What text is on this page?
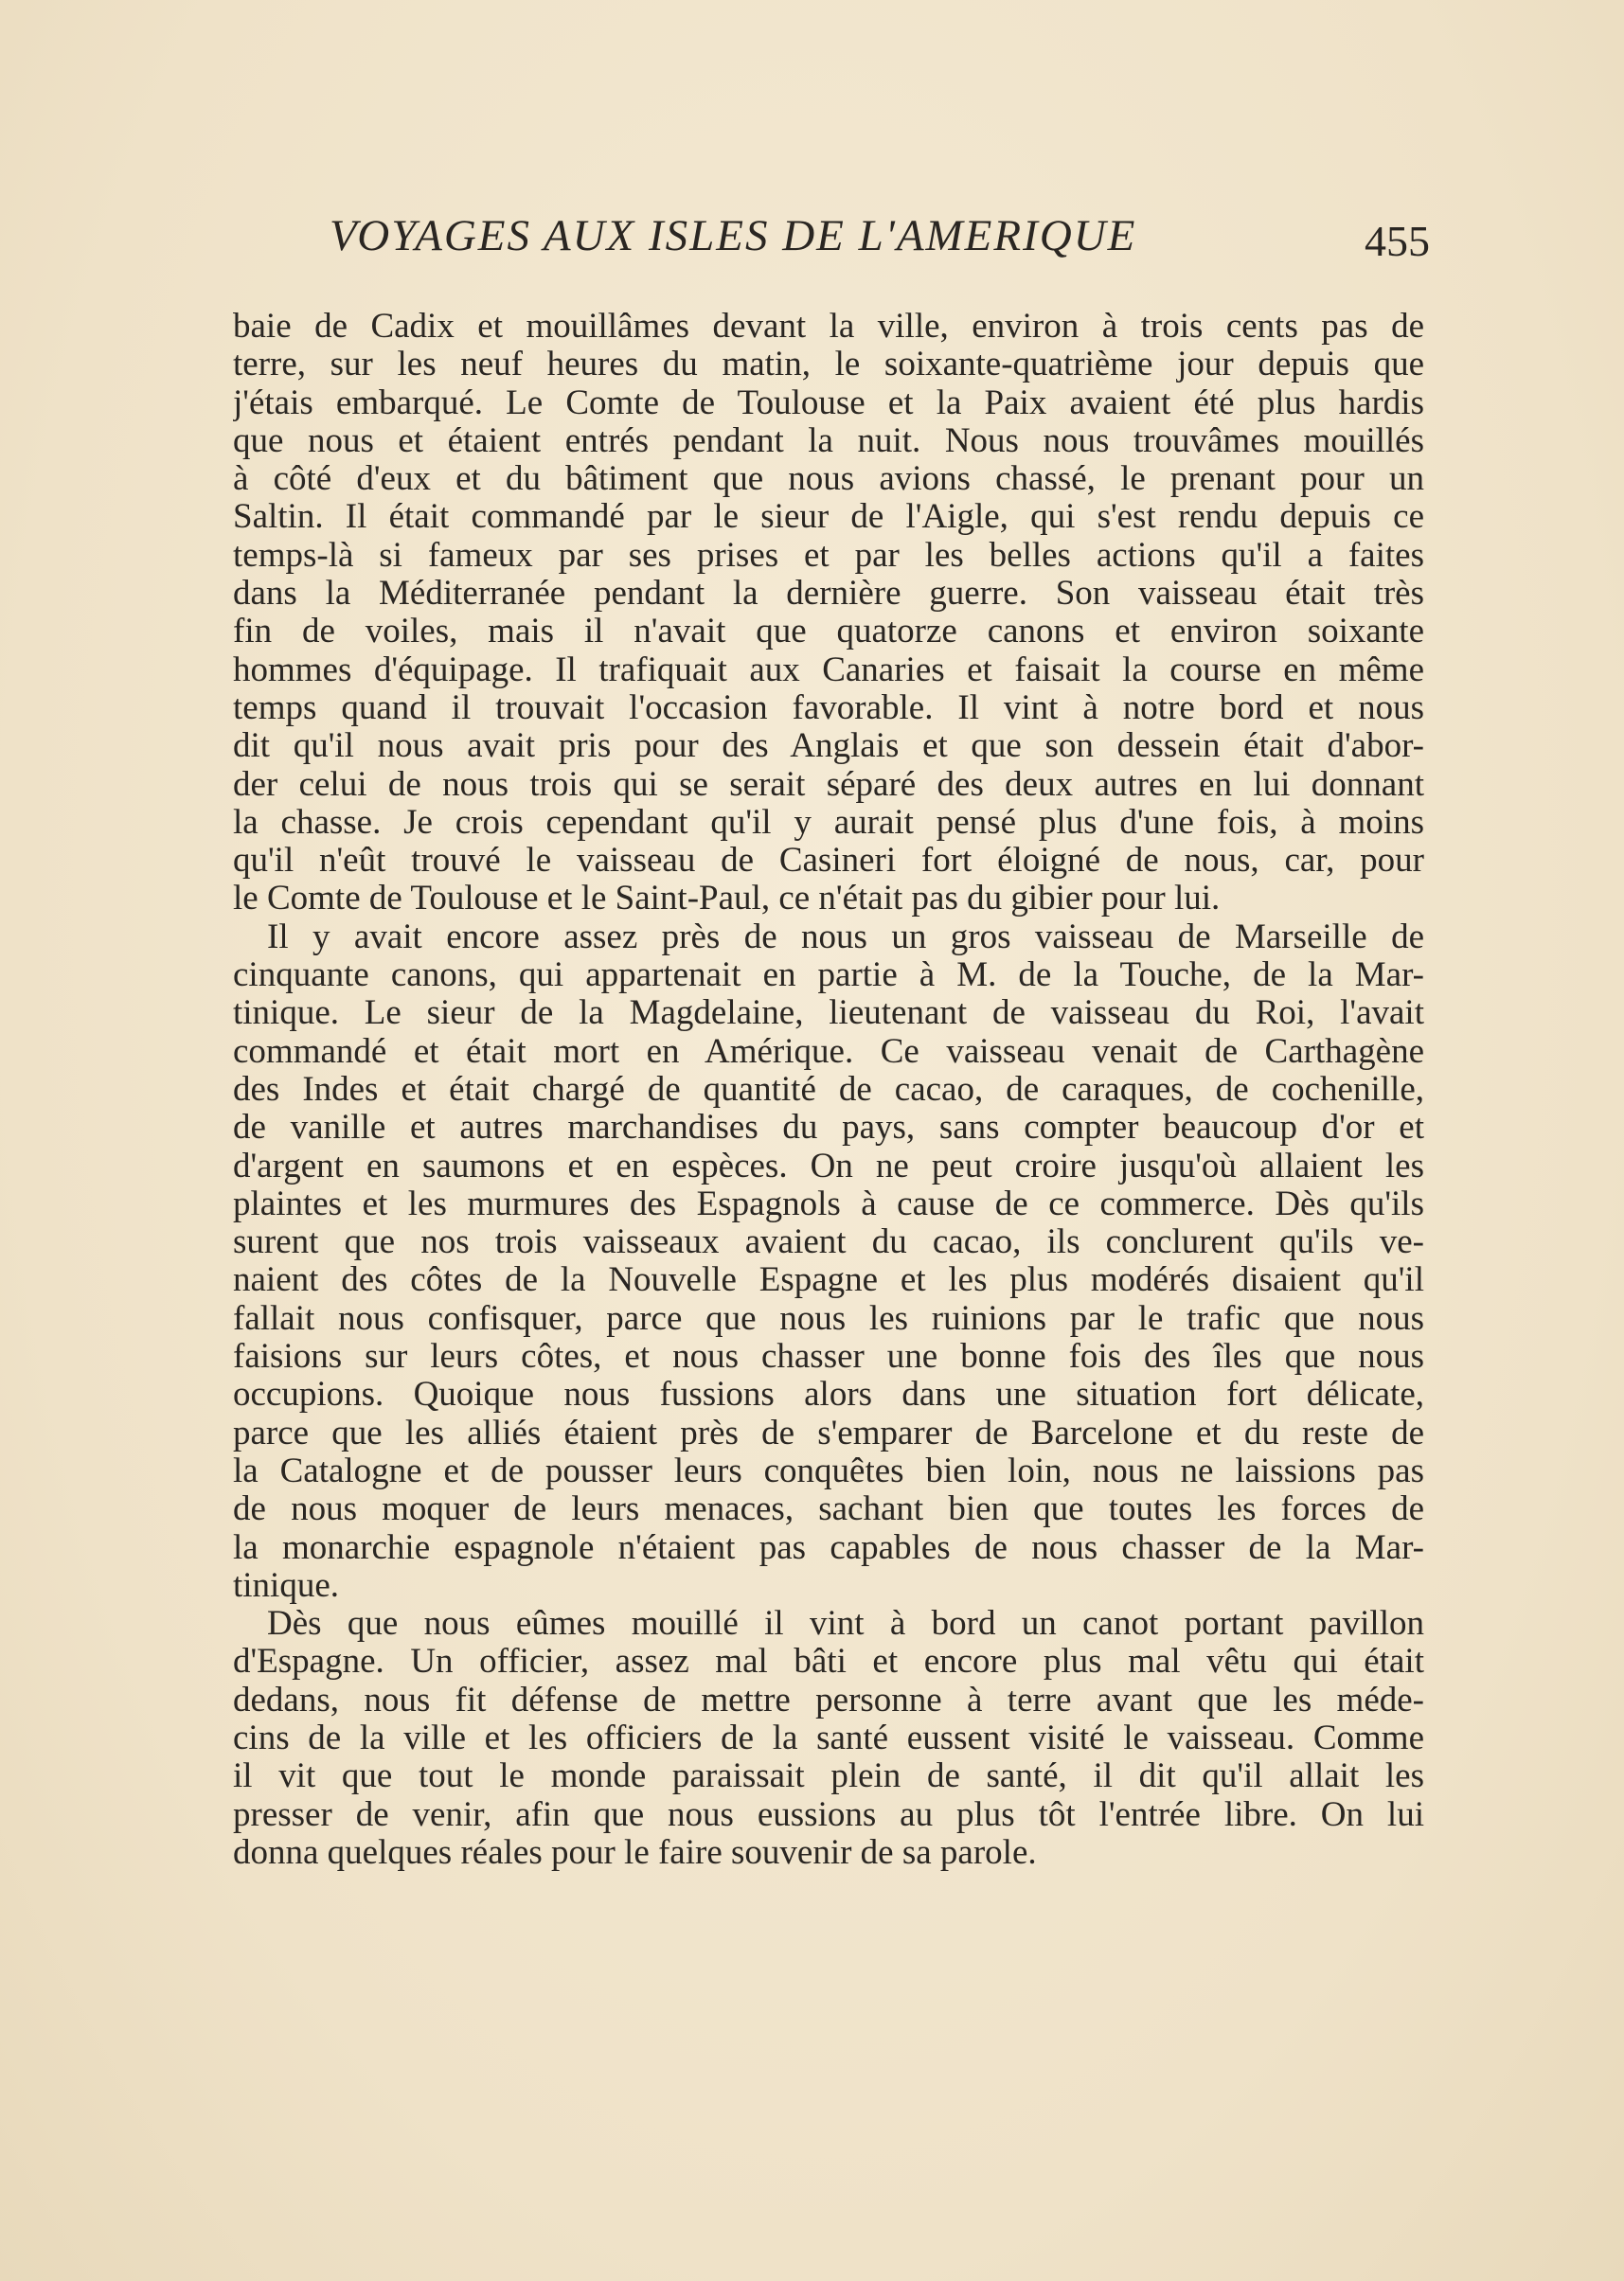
VOYAGES AUX ISLES DE L'AMERIQUE	455
baie de Cadix et mouillâmes devant la ville, environ à trois cents pas de
terre, sur les neuf heures du matin, le soixante-quatrième jour depuis que
j'étais embarqué. Le Comte de Toulouse et la Paix avaient été plus hardis
que nous et étaient entrés pendant la nuit. Nous nous trouvâmes mouillés
à côté d'eux et du bâtiment que nous avions chassé, le prenant pour un
Saltin. Il était commandé par le sieur de l'Aigle, qui s'est rendu depuis ce
temps-là si fameux par ses prises et par les belles actions qu'il a faites
dans la Méditerranée pendant la dernière guerre. Son vaisseau était très
fin de voiles, mais il n'avait que quatorze canons et environ soixante
hommes d'équipage. Il trafiquait aux Canaries et faisait la course en même
temps quand il trouvait l'occasion favorable. Il vint à notre bord et nous
dit qu'il nous avait pris pour des Anglais et que son dessein était d'abor-
der celui de nous trois qui se serait séparé des deux autres en lui donnant
la chasse. Je crois cependant qu'il y aurait pensé plus d'une fois, à moins
qu'il n'eût trouvé le vaisseau de Casineri fort éloigné de nous, car, pour
le Comte de Toulouse et le Saint-Paul, ce n'était pas du gibier pour lui.
Il y avait encore assez près de nous un gros vaisseau de Marseille de
cinquante canons, qui appartenait en partie à M. de la Touche, de la Mar-
tinique. Le sieur de la Magdelaine, lieutenant de vaisseau du Roi, l'avait
commandé et était mort en Amérique. Ce vaisseau venait de Carthagène
des Indes et était chargé de quantité de cacao, de caraques, de cochenille,
de vanille et autres marchandises du pays, sans compter beaucoup d'or et
d'argent en saumons et en espèces. On ne peut croire jusqu'où allaient les
plaintes et les murmures des Espagnols à cause de ce commerce. Dès qu'ils
surent que nos trois vaisseaux avaient du cacao, ils conclurent qu'ils ve-
naient des côtes de la Nouvelle Espagne et les plus modérés disaient qu'il
fallait nous confisquer, parce que nous les ruinions par le trafic que nous
faisions sur leurs côtes, et nous chasser une bonne fois des îles que nous
occupions. Quoique nous fussions alors dans une situation fort délicate,
parce que les alliés étaient près de s'emparer de Barcelone et du reste de
la Catalogne et de pousser leurs conquêtes bien loin, nous ne laissions pas
de nous moquer de leurs menaces, sachant bien que toutes les forces de
la monarchie espagnole n'étaient pas capables de nous chasser de la Mar-
tinique.
Dès que nous eûmes mouillé il vint à bord un canot portant pavillon
d'Espagne. Un officier, assez mal bâti et encore plus mal vêtu qui était
dedans, nous fit défense de mettre personne à terre avant que les méde-
cins de la ville et les officiers de la santé eussent visité le vaisseau. Comme
il vit que tout le monde paraissait plein de santé, il dit qu'il allait les
presser de venir, afin que nous eussions au plus tôt l'entrée libre. On lui
donna quelques réales pour le faire souvenir de sa parole.
